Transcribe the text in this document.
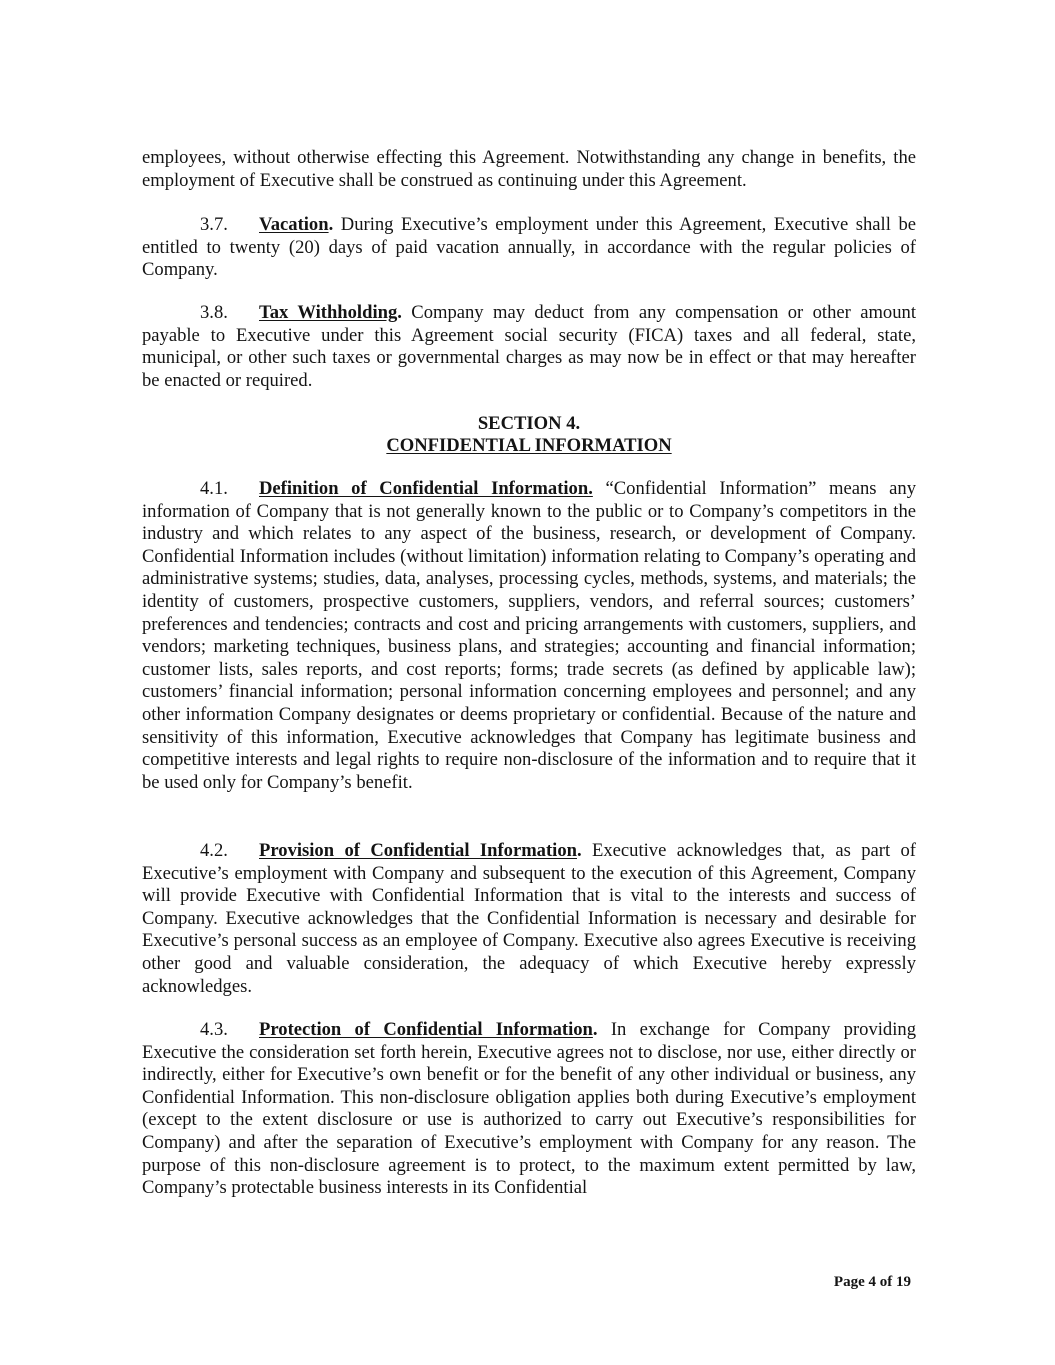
employees, without otherwise effecting this Agreement. Notwithstanding any change in benefits, the employment of Executive shall be construed as continuing under this Agreement.
3.7. Vacation. During Executive’s employment under this Agreement, Executive shall be entitled to twenty (20) days of paid vacation annually, in accordance with the regular policies of Company.
3.8. Tax Withholding. Company may deduct from any compensation or other amount payable to Executive under this Agreement social security (FICA) taxes and all federal, state, municipal, or other such taxes or governmental charges as may now be in effect or that may hereafter be enacted or required.
SECTION 4.
CONFIDENTIAL INFORMATION
4.1. Definition of Confidential Information. “Confidential Information” means any information of Company that is not generally known to the public or to Company’s competitors in the industry and which relates to any aspect of the business, research, or development of Company. Confidential Information includes (without limitation) information relating to Company’s operating and administrative systems; studies, data, analyses, processing cycles, methods, systems, and materials; the identity of customers, prospective customers, suppliers, vendors, and referral sources; customers’ preferences and tendencies; contracts and cost and pricing arrangements with customers, suppliers, and vendors; marketing techniques, business plans, and strategies; accounting and financial information; customer lists, sales reports, and cost reports; forms; trade secrets (as defined by applicable law); customers’ financial information; personal information concerning employees and personnel; and any other information Company designates or deems proprietary or confidential. Because of the nature and sensitivity of this information, Executive acknowledges that Company has legitimate business and competitive interests and legal rights to require non-disclosure of the information and to require that it be used only for Company’s benefit.
4.2. Provision of Confidential Information. Executive acknowledges that, as part of Executive’s employment with Company and subsequent to the execution of this Agreement, Company will provide Executive with Confidential Information that is vital to the interests and success of Company. Executive acknowledges that the Confidential Information is necessary and desirable for Executive’s personal success as an employee of Company. Executive also agrees Executive is receiving other good and valuable consideration, the adequacy of which Executive hereby expressly acknowledges.
4.3. Protection of Confidential Information. In exchange for Company providing Executive the consideration set forth herein, Executive agrees not to disclose, nor use, either directly or indirectly, either for Executive’s own benefit or for the benefit of any other individual or business, any Confidential Information. This non-disclosure obligation applies both during Executive’s employment (except to the extent disclosure or use is authorized to carry out Executive’s responsibilities for Company) and after the separation of Executive’s employment with Company for any reason. The purpose of this non-disclosure agreement is to protect, to the maximum extent permitted by law, Company’s protectable business interests in its Confidential
Page 4 of 19
